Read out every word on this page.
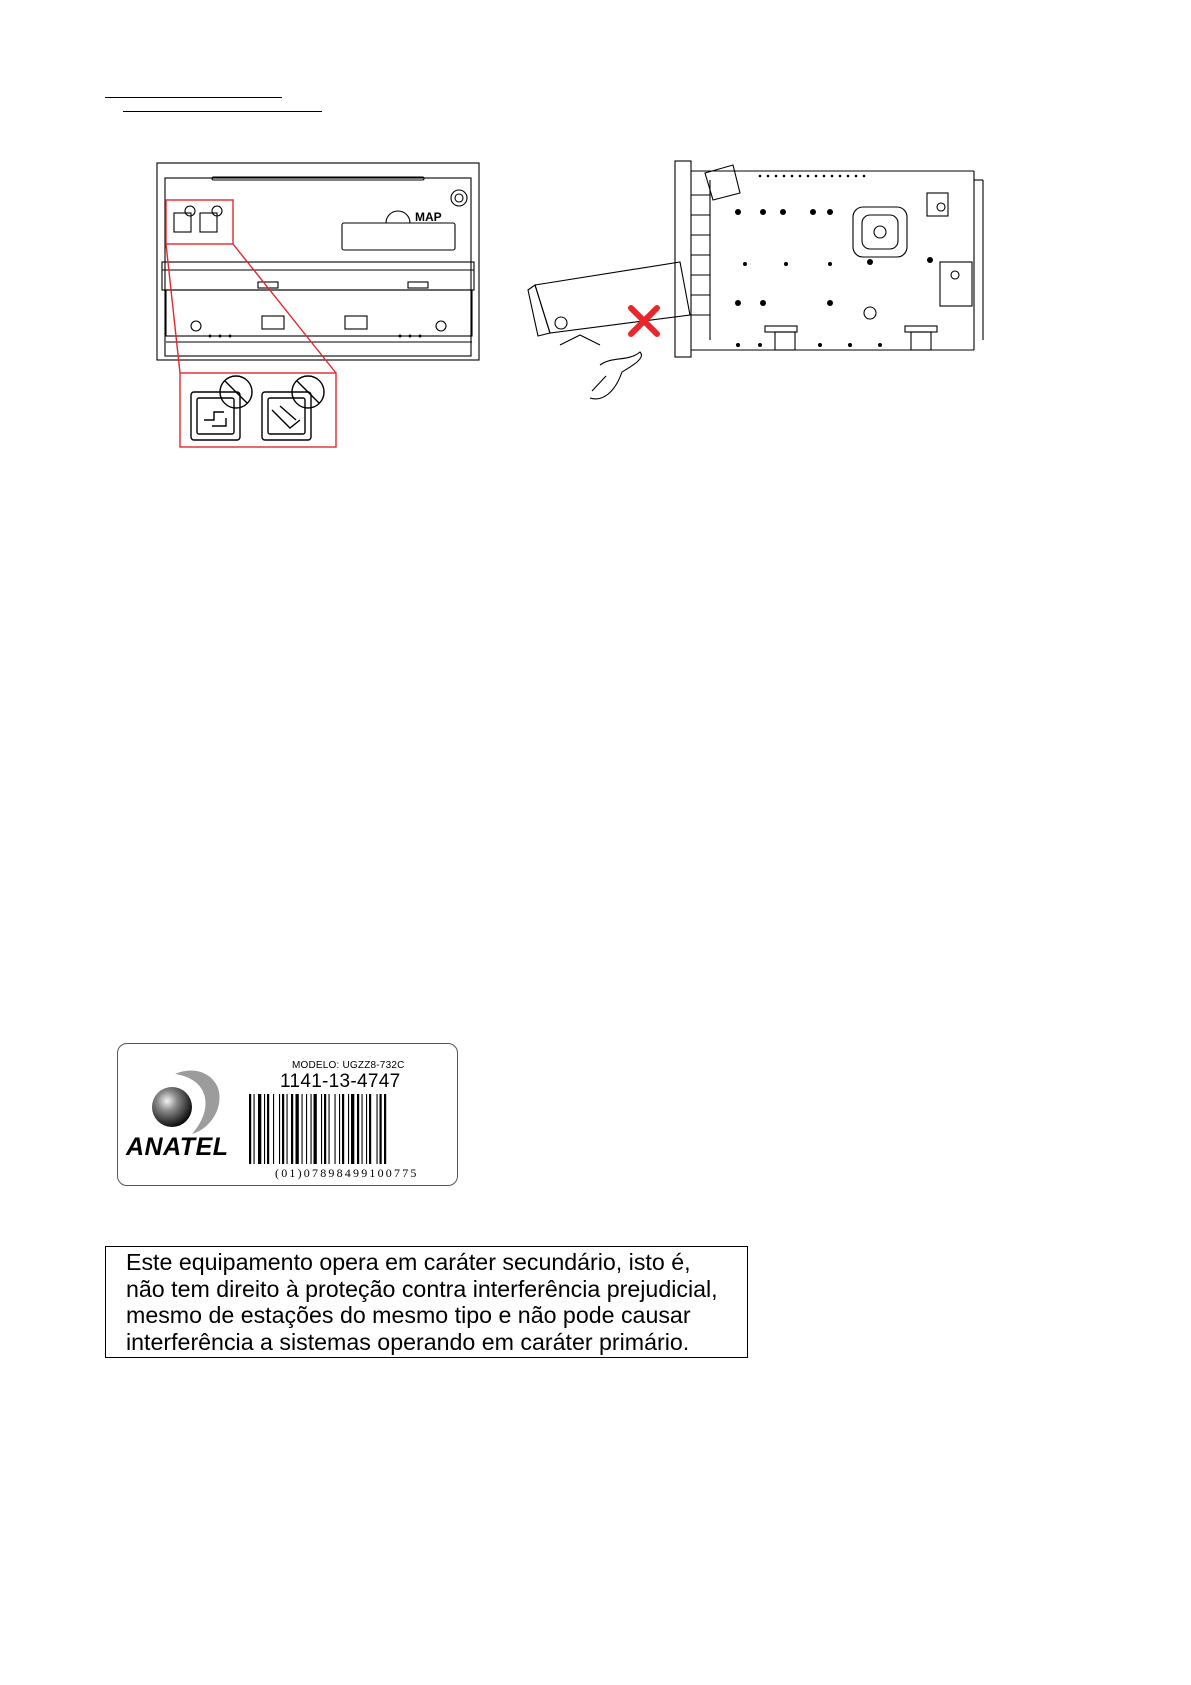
MAP
ANATEL
MODELO: UGZZ8-732C
1141-13-4747
(01)07898499100775

Este equipamento opera em caráter secundário, isto é,

não tem direito à proteção contra interferência prejudicial,

mesmo de estações do mesmo tipo e não pode causar

interferência a sistemas operando em caráter primário.
